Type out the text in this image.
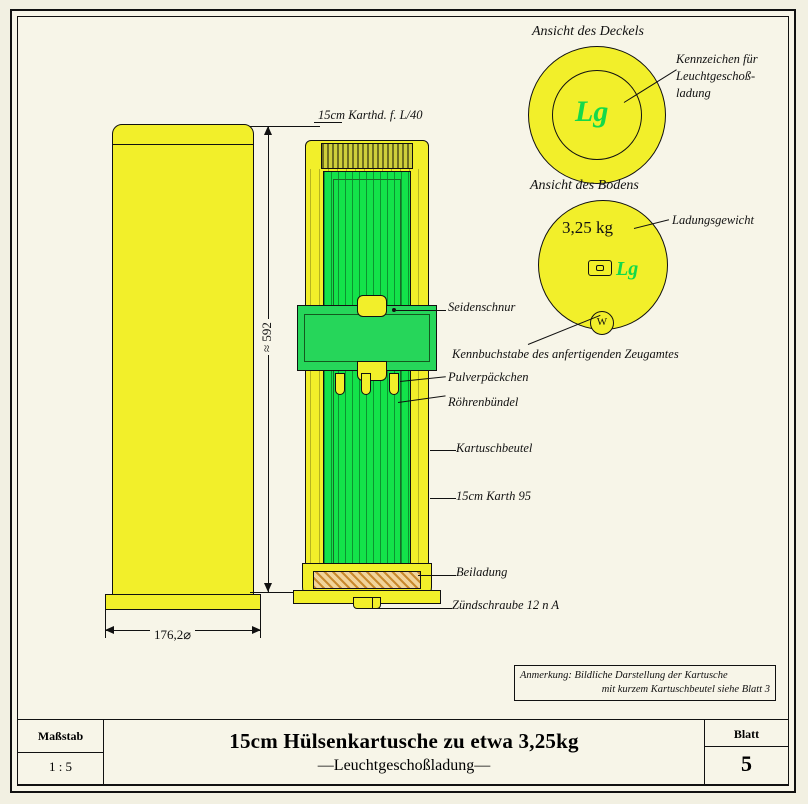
176,2⌀
≈ 592
15cm Karthd. f. L/40
Seidenschnur
Pulverpäckchen
Röhrenbündel
Kartuschbeutel
15cm Karth 95
Beiladung
Zündschraube 12 n A
Ansicht des Deckels
Lg
Kennzeichen für
Leuchtgeschoß-
ladung
Ansicht des Bodens
3,25 kg
Lg
W
Ladungsgewicht
Kennbuchstabe des anfertigenden Zeugamtes
Anmerkung: Bildliche Darstellung der Kartusche
mit kurzem Kartuschbeutel siehe Blatt 3
Maßstab
1 : 5
15cm Hülsenkartusche zu etwa 3,25kg
—Leuchtgeschoßladung—
Blatt
5
